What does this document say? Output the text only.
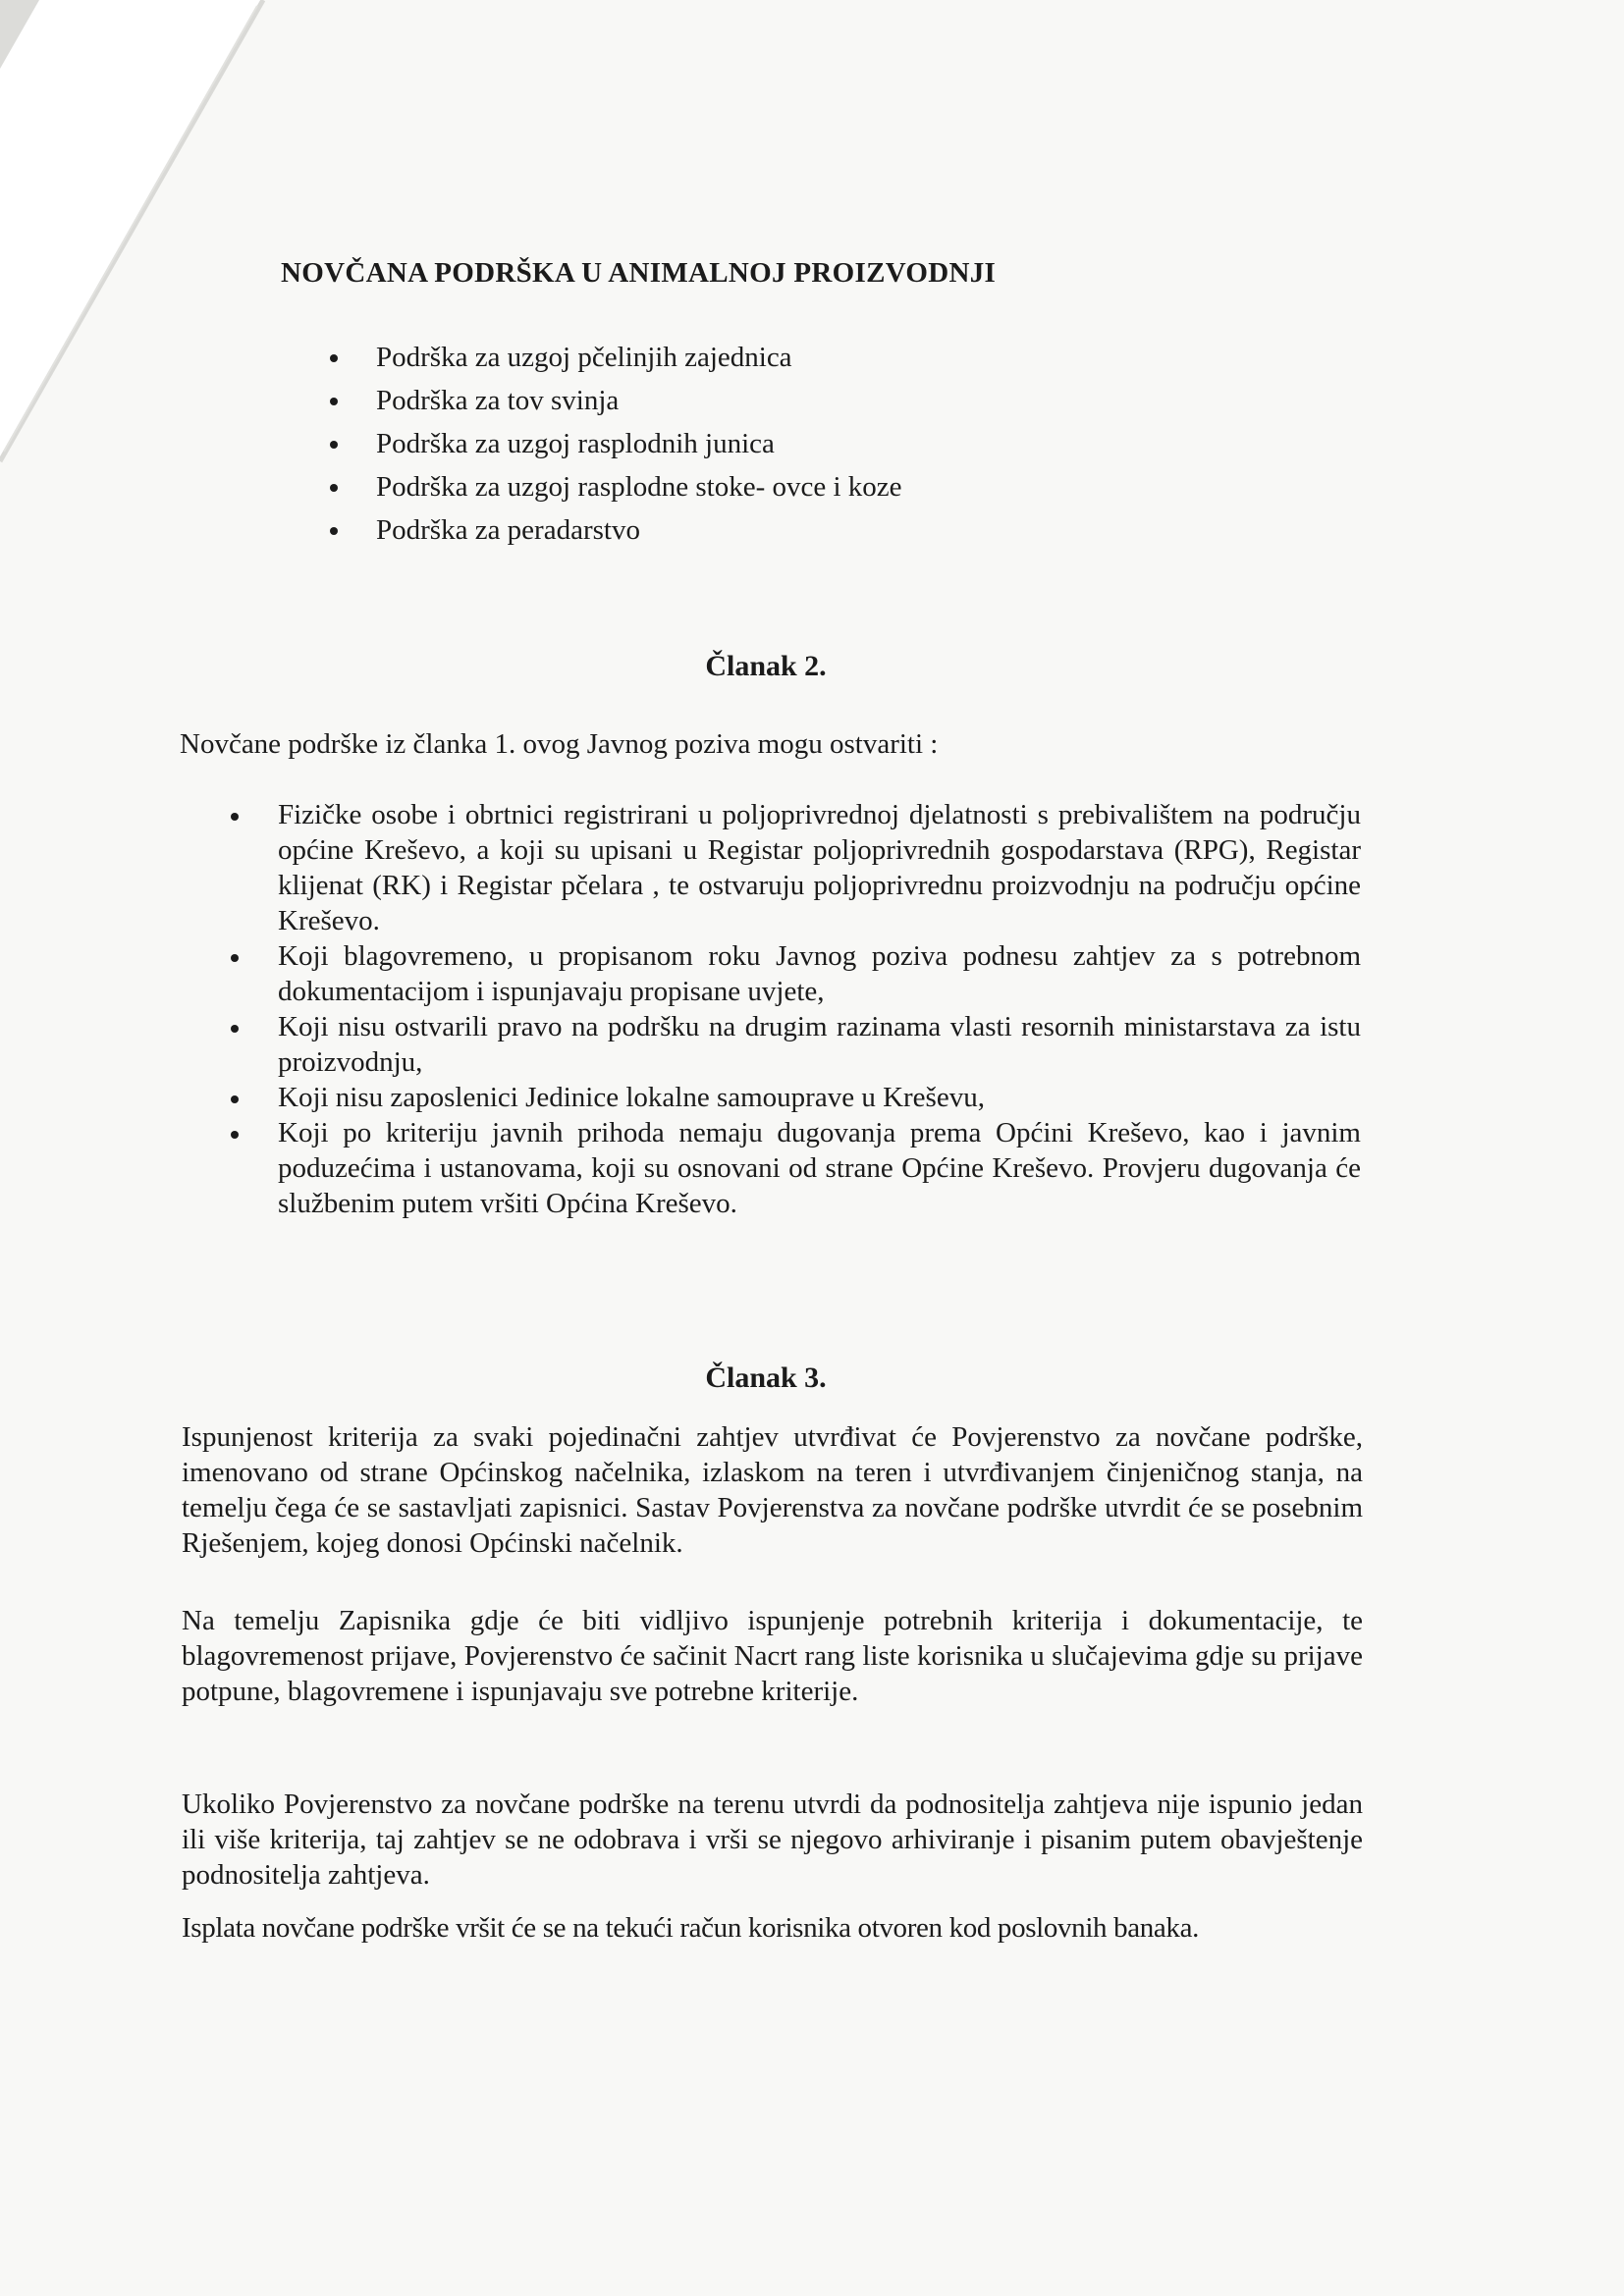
NOVČANA PODRŠKA U ANIMALNOJ PROIZVODNJI
Podrška za uzgoj pčelinjih zajednica
Podrška za tov svinja
Podrška za uzgoj rasplodnih junica
Podrška za uzgoj rasplodne stoke- ovce i koze
Podrška za peradarstvo
Članak 2.
Novčane podrške iz članka 1. ovog Javnog poziva mogu ostvariti :
Fizičke osobe i obrtnici registrirani u poljoprivrednoj djelatnosti s prebivalištem na području općine Kreševo, a koji su upisani u Registar poljoprivrednih gospodarstava (RPG), Registar klijenat (RK) i Registar pčelara , te ostvaruju poljoprivrednu proizvodnju na području općine Kreševo.
Koji blagovremeno, u propisanom roku Javnog poziva podnesu zahtjev za s potrebnom dokumentacijom i ispunjavaju propisane uvjete,
Koji nisu ostvarili pravo na podršku na drugim razinama vlasti resornih ministarstava za istu proizvodnju,
Koji nisu zaposlenici Jedinice lokalne samouprave u Kreševu,
Koji po kriteriju javnih prihoda nemaju dugovanja prema Općini Kreševo, kao i javnim poduzećima i ustanovama, koji su osnovani od strane Općine Kreševo. Provjeru dugovanja će službenim putem vršiti Općina Kreševo.
Članak 3.

Ispunjenost kriterija za svaki pojedinačni zahtjev utvrđivat će Povjerenstvo za novčane podrške, imenovano od strane Općinskog načelnika, izlaskom na teren i utvrđivanjem činjeničnog stanja, na temelju čega će se sastavljati zapisnici. Sastav Povjerenstva za novčane podrške utvrdit će se posebnim Rješenjem, kojeg donosi Općinski načelnik.

Na temelju Zapisnika gdje će biti vidljivo ispunjenje potrebnih kriterija i dokumentacije, te blagovremenost prijave, Povjerenstvo će sačinit Nacrt rang liste korisnika u slučajevima gdje su prijave potpune, blagovremene i ispunjavaju sve potrebne kriterije.

Ukoliko Povjerenstvo za novčane podrške na terenu utvrdi da podnositelja zahtjeva nije ispunio jedan ili više kriterija, taj zahtjev se ne odobrava i vrši se njegovo arhiviranje i pisanim putem obavještenje podnositelja zahtjeva.

Isplata novčane podrške vršit će se na tekući račun korisnika otvoren kod poslovnih banaka.
